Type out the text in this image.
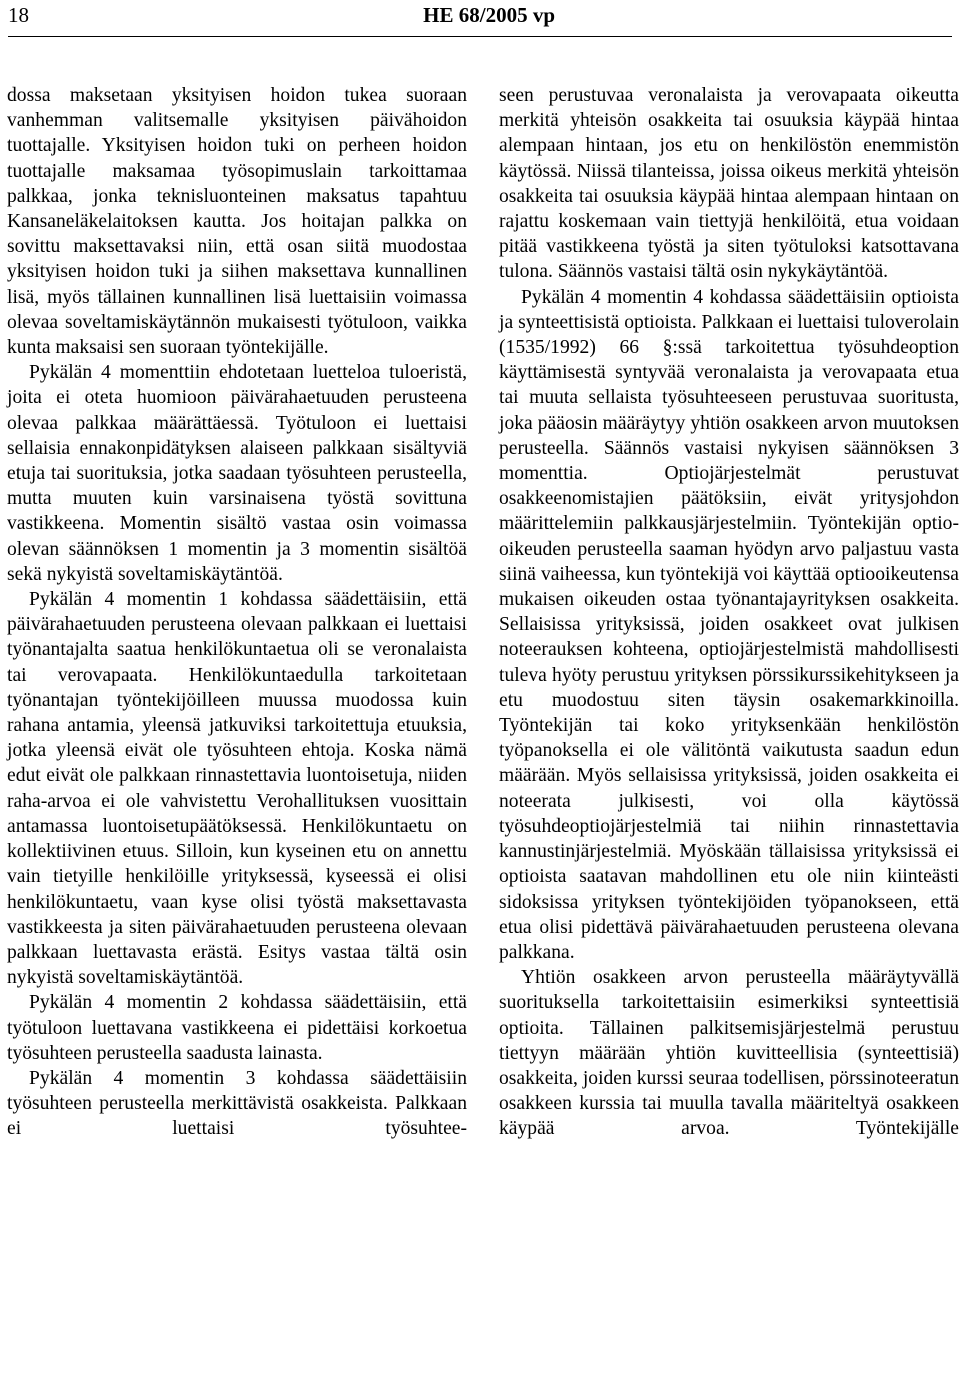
18	HE 68/2005 vp

dossa maksetaan yksityisen hoidon tukea suoraan vanhemman valitsemalle yksityisen päivähoidon tuottajalle. Yksityisen hoidon tuki on perheen hoidon tuottajalle maksamaa työsopimuslain tarkoittamaa palkkaa, jonka teknisluonteinen maksatus tapahtuu Kansaneläkelaitoksen kautta. Jos hoitajan palkka on sovittu maksettavaksi niin, että osan siitä muodostaa yksityisen hoidon tuki ja siihen maksettava kunnallinen lisä, myös tällainen kunnallinen lisä luettaisiin voimassa olevaa soveltamiskäytännön mukaisesti työtuloon, vaikka kunta maksaisi sen suoraan työntekijälle.

Pykälän 4 momenttiin ehdotetaan luetteloa tuloeristä, joita ei oteta huomioon päivärahaetuuden perusteena olevaa palkkaa määrättäessä. Työtuloon ei luettaisi sellaisia ennakonpidätyksen alaiseen palkkaan sisältyviä etuja tai suorituksia, jotka saadaan työsuhteen perusteella, mutta muuten kuin varsinaisena työstä sovittuna vastikkeena. Momentin sisältö vastaa osin voimassa olevan säännöksen 1 momentin ja 3 momentin sisältöä sekä nykyistä soveltamiskäytäntöä.

Pykälän 4 momentin 1 kohdassa säädettäisiin, että päivärahaetuuden perusteena olevaan palkkaan ei luettaisi työnantajalta saatua henkilökuntaetua oli se veronalaista tai verovapaata. Henkilökuntaedulla tarkoitetaan työnantajan työntekijöilleen muussa muodossa kuin rahana antamia, yleensä jatkuviksi tarkoitettuja etuuksia, jotka yleensä eivät ole työsuhteen ehtoja. Koska nämä edut eivät ole palkkaan rinnastettavia luontoisetuja, niiden raha-arvoa ei ole vahvistettu Verohallituksen vuosittain antamassa luontoisetupäätöksessä. Henkilökuntaetu on kollektiivinen etuus. Silloin, kun kyseinen etu on annettu vain tietyille henkilöille yrityksessä, kyseessä ei olisi henkilökuntaetu, vaan kyse olisi työstä maksettavasta vastikkeesta ja siten päivärahaetuuden perusteena olevaan palkkaan luettavasta erästä. Esitys vastaa tältä osin nykyistä soveltamiskäytäntöä.

Pykälän 4 momentin 2 kohdassa säädettäisiin, että työtuloon luettavana vastikkeena ei pidettäisi korkoetua työsuhteen perusteella saadusta lainasta.

Pykälän 4 momentin 3 kohdassa säädettäisiin työsuhteen perusteella merkittävistä osakkeista. Palkkaan ei luettaisi työsuhtee-

seen perustuvaa veronalaista ja verovapaata oikeutta merkitä yhteisön osakkeita tai osuuksia käypää hintaa alempaan hintaan, jos etu on henkilöstön enemmistön käytössä. Niissä tilanteissa, joissa oikeus merkitä yhteisön osakkeita tai osuuksia käypää hintaa alempaan hintaan on rajattu koskemaan vain tiettyjä henkilöitä, etua voidaan pitää vastikkeena työstä ja siten työtuloksi katsottavana tulona. Säännös vastaisi tältä osin nykykäytäntöä.

Pykälän 4 momentin 4 kohdassa säädettäisiin optioista ja synteettisistä optioista. Palkkaan ei luettaisi tuloverolain (1535/1992) 66 §:ssä tarkoitettua työsuhdeoption käyttämisestä syntyvää veronalaista ja verovapaata etua tai muuta sellaista työsuhteeseen perustuvaa suoritusta, joka pääosin määräytyy yhtiön osakkeen arvon muutoksen perusteella. Säännös vastaisi nykyisen säännöksen 3 momenttia. Optiojärjestelmät perustuvat osakkeenomistajien päätöksiin, eivät yritysjohdon määrittelemiin palkkausjärjestelmiin. Työntekijän optio-oikeuden perusteella saaman hyödyn arvo paljastuu vasta siinä vaiheessa, kun työntekijä voi käyttää optiooikeutensa mukaisen oikeuden ostaa työnantajayrityksen osakkeita. Sellaisissa yrityksissä, joiden osakkeet ovat julkisen noteerauksen kohteena, optiojärjestelmistä mahdollisesti tuleva hyöty perustuu yrityksen pörssikurssikehitykseen ja etu muodostuu siten täysin osakemarkkinoilla. Työntekijän tai koko yrityksenkään henkilöstön työpanoksella ei ole välitöntä vaikutusta saadun edun määrään. Myös sellaisissa yrityksissä, joiden osakkeita ei noteerata julkisesti, voi olla käytössä työsuhdeoptiojärjestelmiä tai niihin rinnastettavia kannustinjärjestelmiä. Myöskään tällaisissa yrityksissä ei optioista saatavan mahdollinen etu ole niin kiinteästi sidoksissa yrityksen työntekijöiden työpanokseen, että etua olisi pidettävä päivärahaetuuden perusteena olevana palkkana.

Yhtiön osakkeen arvon perusteella määräytyvällä suorituksella tarkoitettaisiin esimerkiksi synteettisiä optioita. Tällainen palkitsemisjärjestelmä perustuu tiettyyn määrään yhtiön kuvitteellisia (synteettisiä) osakkeita, joiden kurssi seuraa todellisen, pörssinoteeratun osakkeen kurssia tai muulla tavalla määriteltyä osakkeen käypää arvoa. Työntekijälle
